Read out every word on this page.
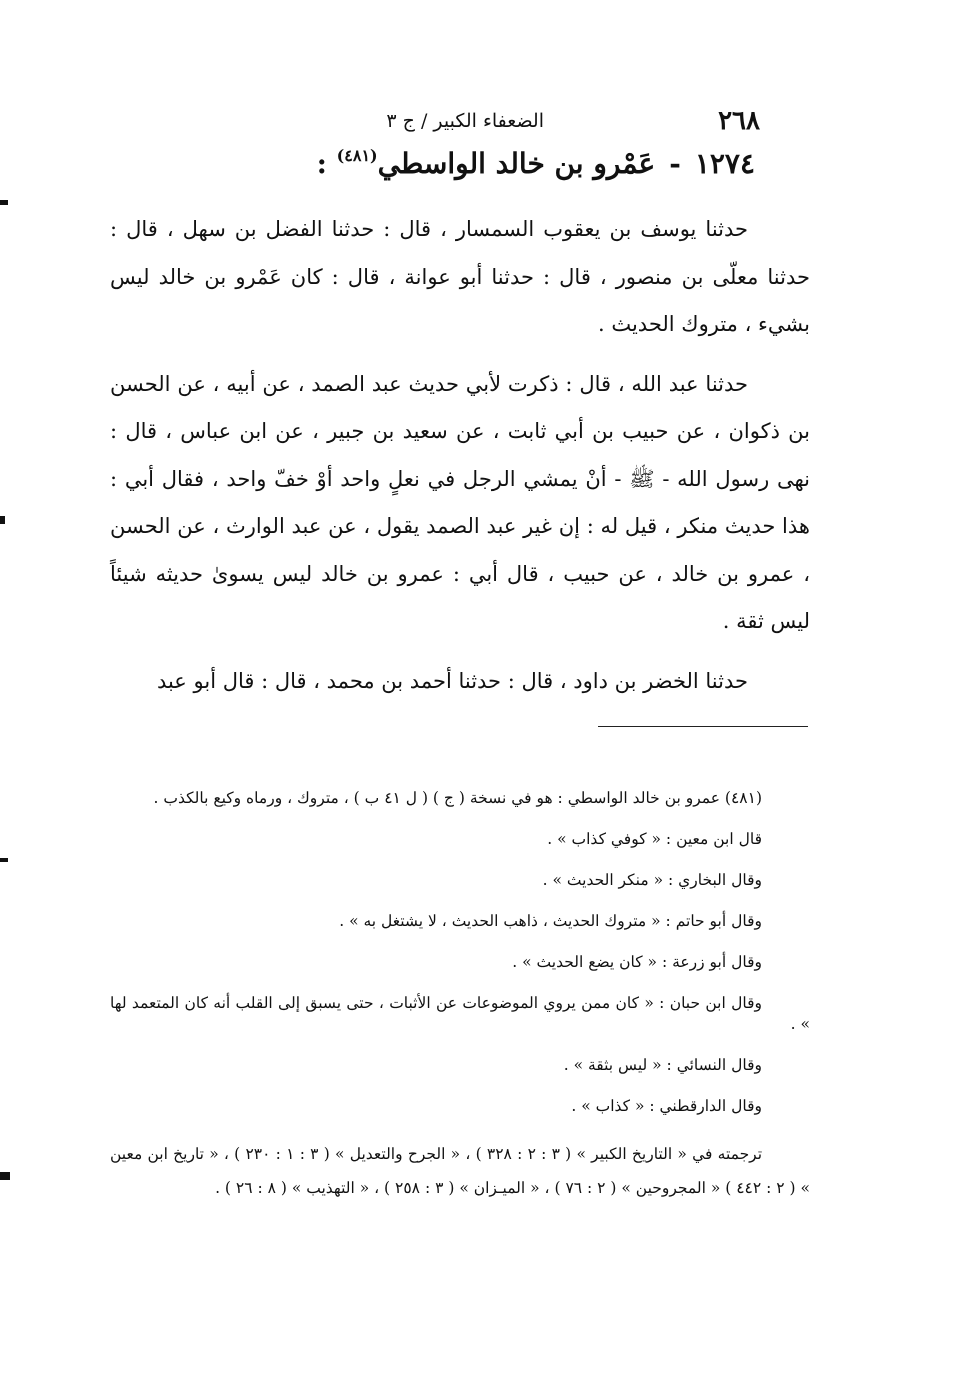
٢٦٨
الضعفاء الكبير / ج ٣
١٢٧٤-عَمْرو بن خالد الواسطي$^{(٤٨١)}$ :

حدثنا يوسف بن يعقوب السمسار ، قال : حدثنا الفضل بن سهل ، قال : حدثنا معلّى بن منصور ، قال : حدثنا أبو عوانة ، قال : كان عَمْرو بن خالد ليس بشيء ، متروك الحديث .

حدثنا عبد الله ، قال : ذكرت لأبي حديث عبد الصمد ، عن أبيه ، عن الحسن بن ذكوان ، عن حبيب بن أبي ثابت ، عن سعيد بن جبير ، عن ابن عباس ، قال : نهى رسول الله - ﷺ - أنْ يمشي الرجل في نعلٍ واحد أوْ خفّ واحد ، فقال أبي : هذا حديث منكر ، قيل له : إن غير عبد الصمد يقول ، عن عبد الوارث ، عن الحسن ، عمرو بن خالد ، عن حبيب ، قال أبي : عمرو بن خالد ليس يسوىٰ حديثه شيئاً ليس ثقة .

حدثنا الخضر بن داود ، قال : حدثنا أحمد بن محمد ، قال : قال أبو عبد

(٤٨١) عمرو بن خالد الواسطي : هو في نسخة ( ج ) ( ل ٤١ ب ) ، متروك ، ورماه وكيع بالكذب .

قال ابن معين : « كوفي كذاب » .

وقال البخاري : « منكر الحديث » .

وقال أبو حاتم : « متروك الحديث ، ذاهب الحديث ، لا يشتغل به » .

وقال أبو زرعة : « كان يضع الحديث » .

وقال ابن حبان : « كان ممن يروي الموضوعات عن الأثبات ، حتى يسبق إلى القلب أنه كان المتعمد لها » .

وقال النسائي : « ليس بثقة » .

وقال الدارقطني : « كذاب » .

ترجمته في « التاريخ الكبير » ( ٣ : ٢ : ٣٢٨ ) ، « الجرح والتعديل » ( ٣ : ١ : ٢٣٠ ) ، « تاريخ ابن معين » ( ٢ : ٤٤٢ ) « المجروحين » ( ٢ : ٧٦ ) ، « الميـزان » ( ٣ : ٢٥٨ ) ، « التهذيب » ( ٨ : ٢٦ ) .
